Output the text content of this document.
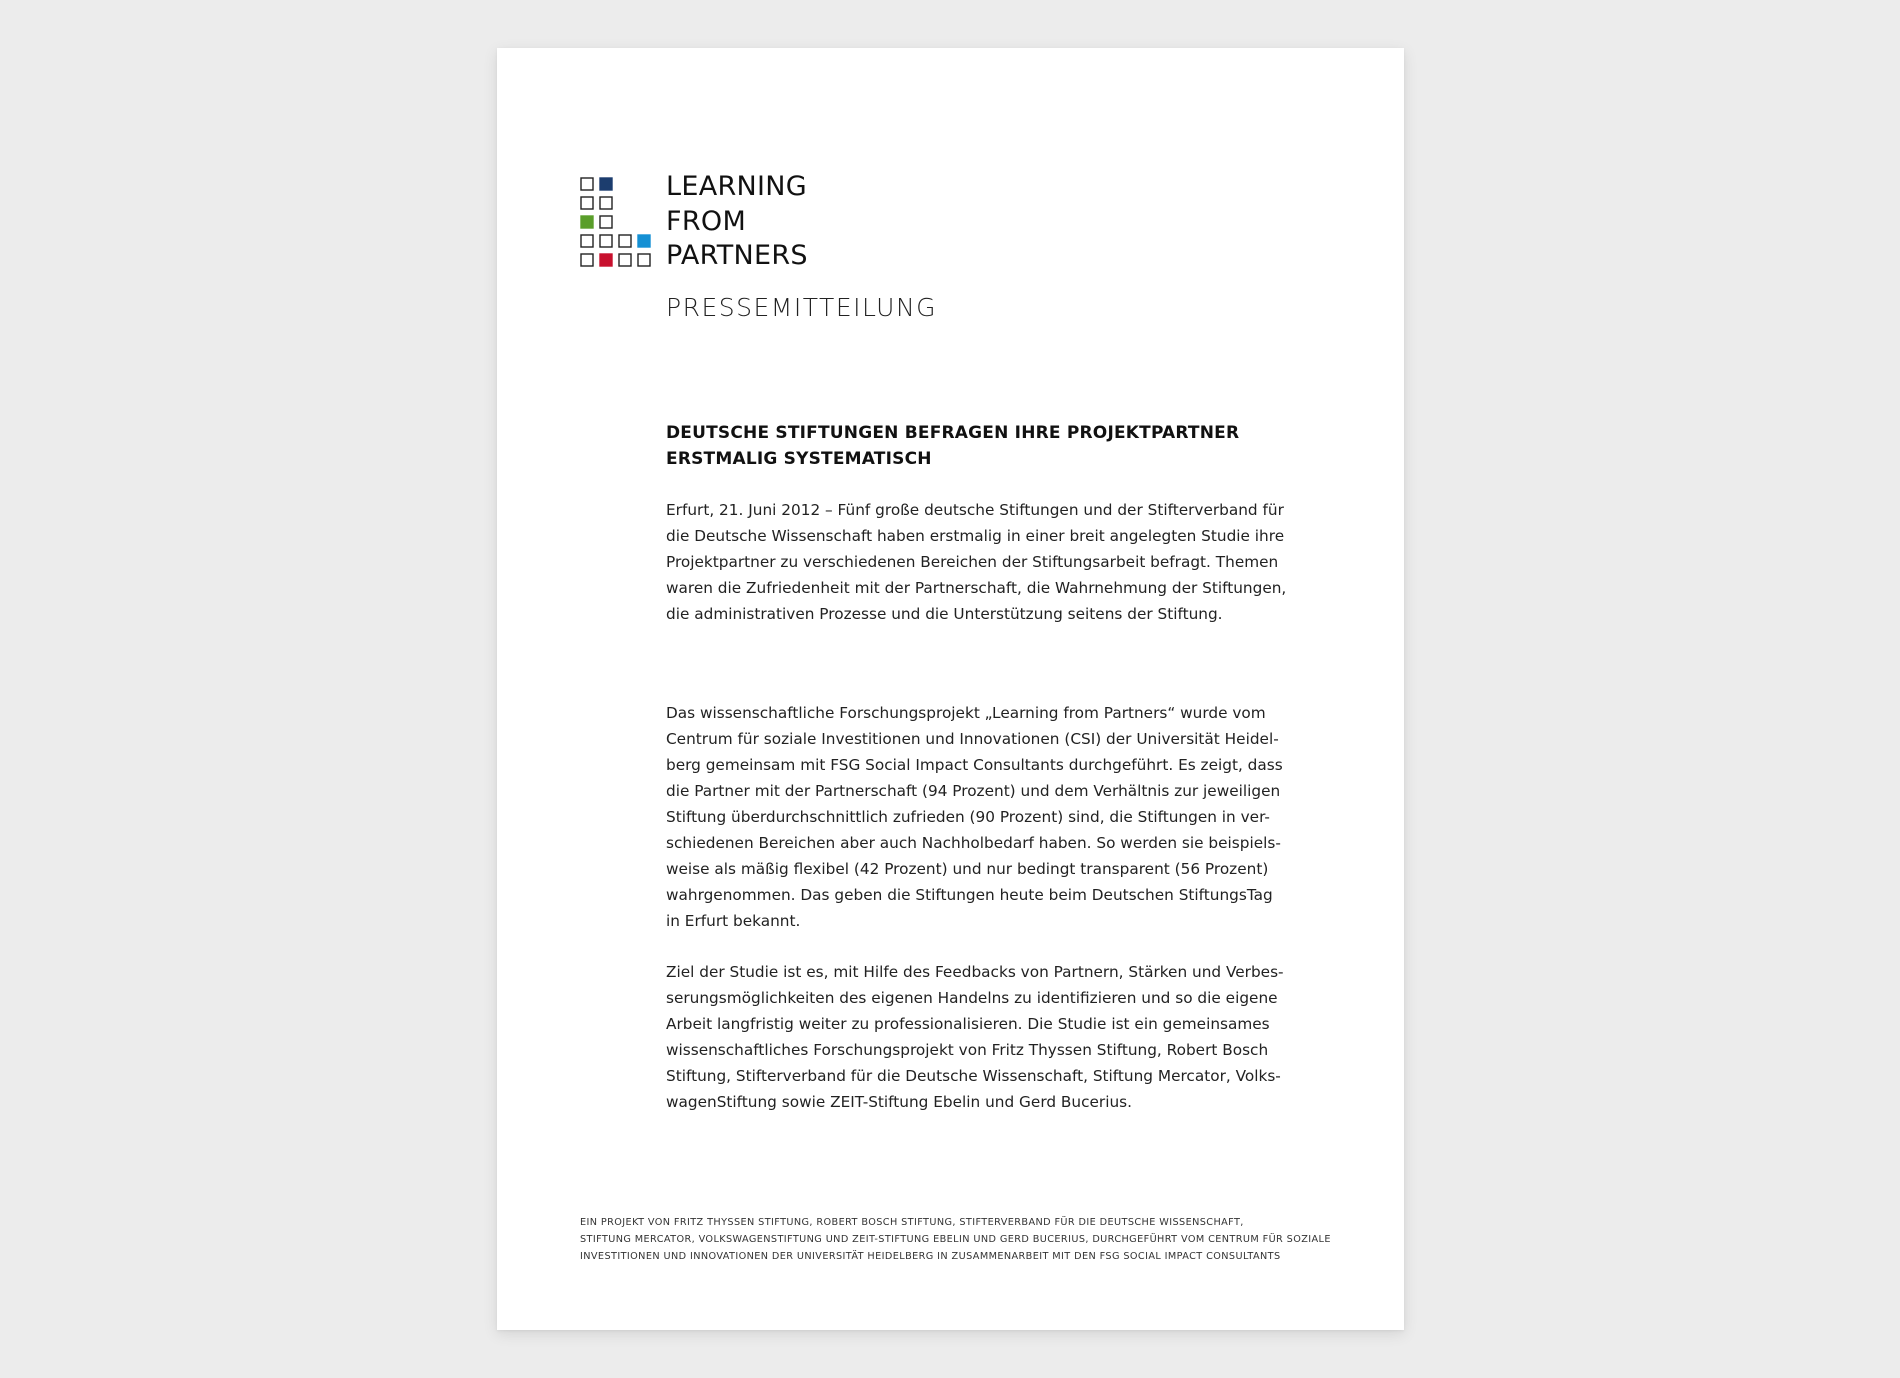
LEARNING
FROM
PARTNERS
PRESSEMITTEILUNG
DEUTSCHE STIFTUNGEN BEFRAGEN IHRE PROJEKTPARTNER
ERSTMALIG SYSTEMATISCH
Erfurt, 21. Juni 2012 – Fünf große deutsche Stiftungen und der Stifterverband für
die Deutsche Wissenschaft haben erstmalig in einer breit angelegten Studie ihre
Projektpartner zu verschiedenen Bereichen der Stiftungsarbeit befragt. Themen
waren die Zufriedenheit mit der Partnerschaft, die Wahrnehmung der Stiftungen,
die administrativen Prozesse und die Unterstützung seitens der Stiftung.
Das wissenschaftliche Forschungsprojekt „Learning from Partners“ wurde vom
Centrum für soziale Investitionen und Innovationen (CSI) der Universität Heidel-
berg gemeinsam mit FSG Social Impact Consultants durchgeführt. Es zeigt, dass
die Partner mit der Partnerschaft (94 Prozent) und dem Verhältnis zur jeweiligen
Stiftung überdurchschnittlich zufrieden (90 Prozent) sind, die Stiftungen in ver-
schiedenen Bereichen aber auch Nachholbedarf haben. So werden sie beispiels-
weise als mäßig flexibel (42 Prozent) und nur bedingt transparent (56 Prozent)
wahrgenommen. Das geben die Stiftungen heute beim Deutschen StiftungsTag
in Erfurt bekannt.
Ziel der Studie ist es, mit Hilfe des Feedbacks von Partnern, Stärken und Verbes-
serungsmöglichkeiten des eigenen Handelns zu identifizieren und so die eigene
Arbeit langfristig weiter zu professionalisieren. Die Studie ist ein gemeinsames
wissenschaftliches Forschungsprojekt von Fritz Thyssen Stiftung, Robert Bosch
Stiftung, Stifterverband für die Deutsche Wissenschaft, Stiftung Mercator, Volks-
wagenStiftung sowie ZEIT-Stiftung Ebelin und Gerd Bucerius.
EIN PROJEKT VON FRITZ THYSSEN STIFTUNG, ROBERT BOSCH STIFTUNG, STIFTERVERBAND FÜR DIE DEUTSCHE WISSENSCHAFT,
STIFTUNG MERCATOR, VOLKSWAGENSTIFTUNG UND ZEIT-STIFTUNG EBELIN UND GERD BUCERIUS, DURCHGEFÜHRT VOM CENTRUM FÜR SOZIALE
INVESTITIONEN UND INNOVATIONEN DER UNIVERSITÄT HEIDELBERG IN ZUSAMMENARBEIT MIT DEN FSG SOCIAL IMPACT CONSULTANTS
